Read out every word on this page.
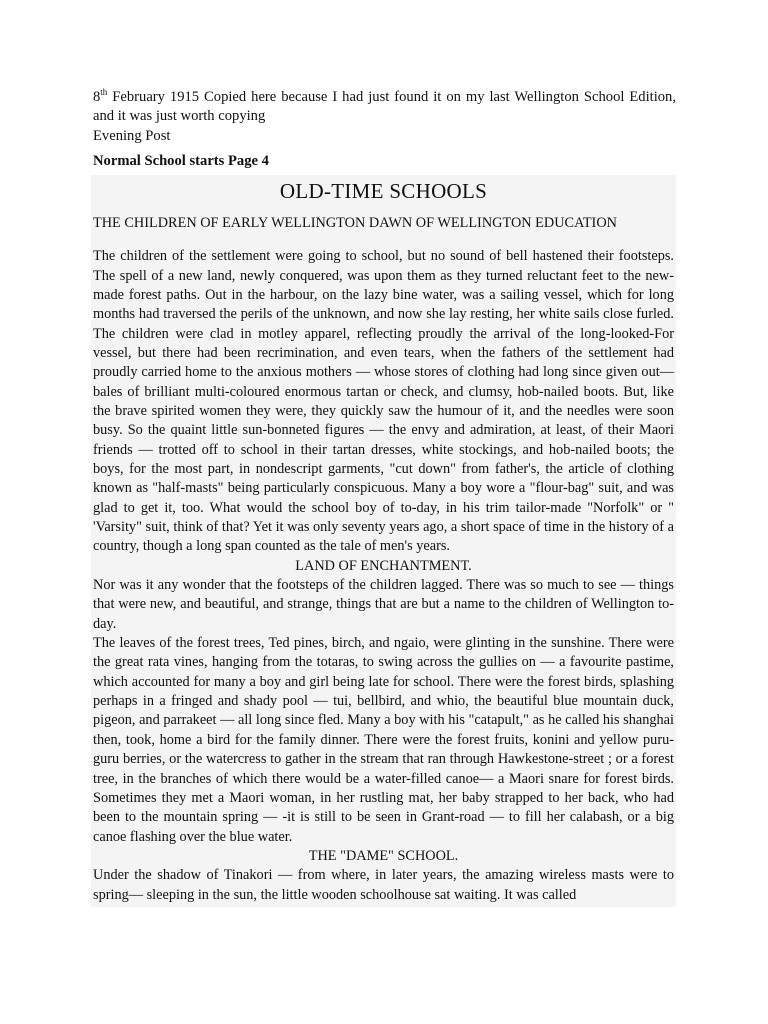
8th February 1915 Copied here because I had just found it on my last Wellington School Edition, and it was just worth copying

Evening Post

Normal School starts Page 4

OLD-TIME SCHOOLS

THE CHILDREN OF EARLY WELLINGTON DAWN OF WELLINGTON EDUCATION

The children of the settlement were going to school, but no sound of bell hastened their footsteps. The spell of a new land, newly conquered, was upon them as they turned reluctant feet to the new-made forest paths. Out in the harbour, on the lazy bine water, was a sailing vessel, which for long months had traversed the perils of the unknown, and now she lay resting, her white sails close furled. The children were clad in motley apparel, reflecting proudly the arrival of the long-looked-For vessel, but there had been recrimination, and even tears, when the fathers of the settlement had proudly carried home to the anxious mothers — whose stores of clothing had long since given out— bales of brilliant multi-coloured enormous tartan or check, and clumsy, hob-nailed boots. But, like the brave spirited women they were, they quickly saw the humour of it, and the needles were soon busy. So the quaint little sun-bonneted figures — the envy and admiration, at least, of their Maori friends — trotted off to school in their tartan dresses, white stockings, and hob-nailed boots; the boys, for the most part, in nondescript garments, "cut down" from father's, the article of clothing known as "half-masts" being particularly conspicuous. Many a boy wore a "flour-bag" suit, and was glad to get it, too. What would the school boy of to-day, in his trim tailor-made "Norfolk" or " 'Varsity" suit, think of that? Yet it was only seventy years ago, a short space of time in the history of a country, though a long span counted as the tale of men's years.

LAND OF ENCHANTMENT.

Nor was it any wonder that the footsteps of the children lagged. There was so much to see — things that were new, and beautiful, and strange, things that are but a name to the children of Wellington to-day.

The leaves of the forest trees, Ted pines, birch, and ngaio, were glinting in the sunshine. There were the great rata vines, hanging from the totaras, to swing across the gullies on — a favourite pastime, which accounted for many a boy and girl being late for school. There were the forest birds, splashing perhaps in a fringed and shady pool — tui, bellbird, and whio, the beautiful blue mountain duck, pigeon, and parrakeet — all long since fled. Many a boy with his "catapult," as he called his shanghai then, took, home a bird for the family dinner. There were the forest fruits, konini and yellow puru-guru berries, or the watercress to gather in the stream that ran through Hawkestone-street ; or a forest tree, in the branches of which there would be a water-filled canoe— a Maori snare for forest birds. Sometimes they met a Maori woman, in her rustling mat, her baby strapped to her back, who had been to the mountain spring — -it is still to be seen in Grant-road — to fill her calabash, or a big canoe flashing over the blue water.

THE "DAME" SCHOOL.

Under the shadow of Tinakori — from where, in later years, the amazing wireless masts were to spring— sleeping in the sun, the little wooden schoolhouse sat waiting. It was called
